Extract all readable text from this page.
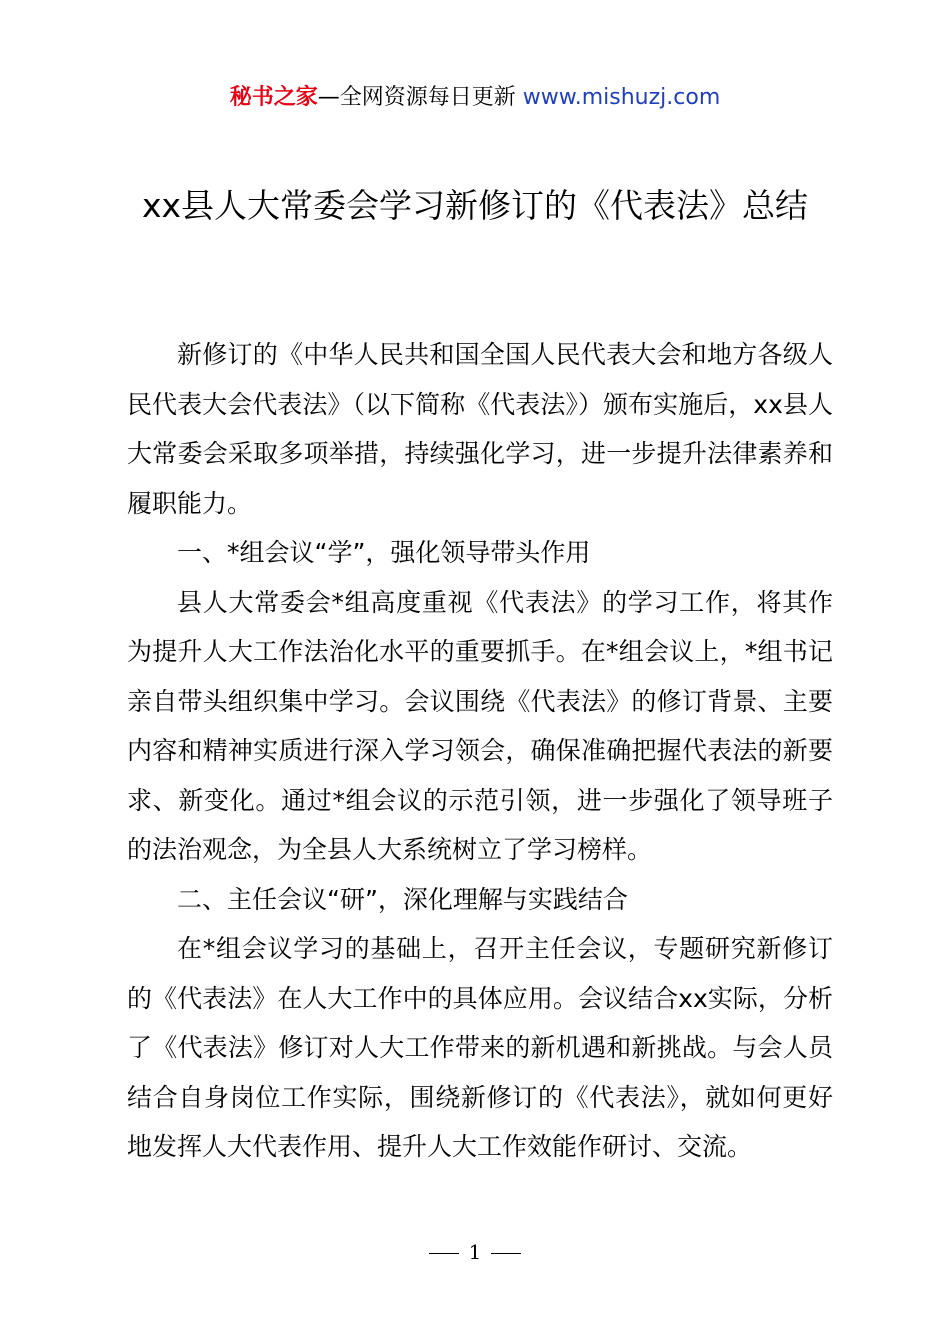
秘书之家—全网资源每日更新 www.mishuzj.com
xx县人大常委会学习新修订的《代表法》总结

新修订的《中华人民共和国全国人民代表大会和地方各级人民代表大会代表法》（以下简称《代表法》）颁布实施后，xx县人大常委会采取多项举措，持续强化学习，进一步提升法律素养和履职能力。

一、*组会议“学”，强化领导带头作用

县人大常委会*组高度重视《代表法》的学习工作，将其作为提升人大工作法治化水平的重要抓手。在*组会议上，*组书记亲自带头组织集中学习。会议围绕《代表法》的修订背景、主要内容和精神实质进行深入学习领会，确保准确把握代表法的新要求、新变化。通过*组会议的示范引领，进一步强化了领导班子的法治观念，为全县人大系统树立了学习榜样。

二、主任会议“研”，深化理解与实践结合

在*组会议学习的基础上，召开主任会议，专题研究新修订的《代表法》在人大工作中的具体应用。会议结合xx实际，分析了《代表法》修订对人大工作带来的新机遇和新挑战。与会人员结合自身岗位工作实际，围绕新修订的《代表法》，就如何更好地发挥人大代表作用、提升人大工作效能作研讨、交流。

1
